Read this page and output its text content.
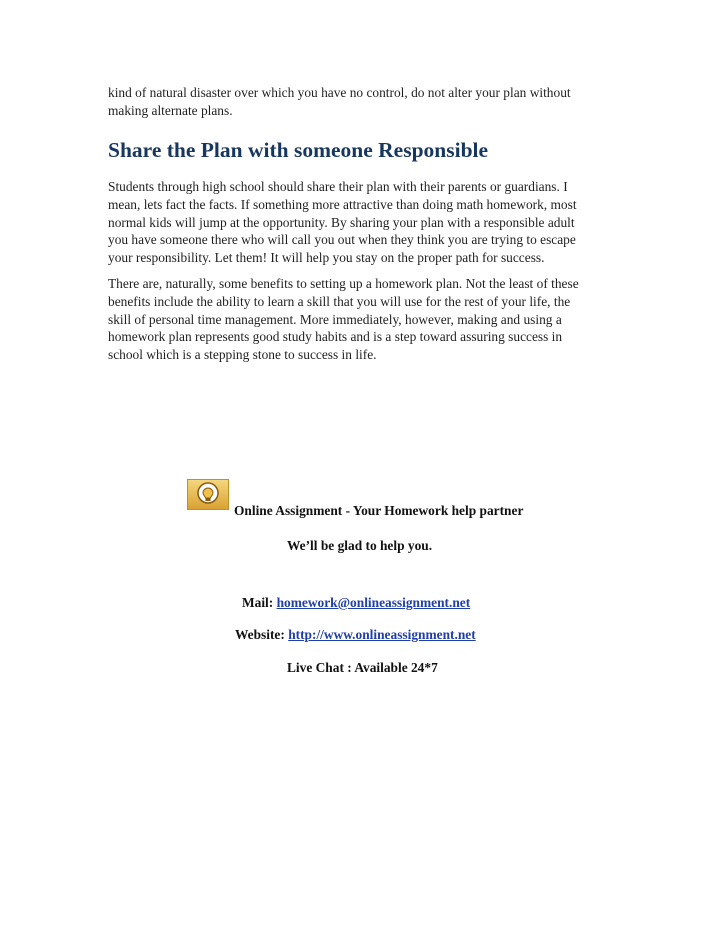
kind of natural disaster over which you have no control, do not alter your plan without
making alternate plans.
Share the Plan with someone Responsible
Students through high school should share their plan with their parents or guardians. I
mean, lets fact the facts. If something more attractive than doing math homework, most
normal kids will jump at the opportunity. By sharing your plan with a responsible adult
you have someone there who will call you out when they think you are trying to escape
your responsibility. Let them! It will help you stay on the proper path for success.
There are, naturally, some benefits to setting up a homework plan. Not the least of these
benefits include the ability to learn a skill that you will use for the rest of your life, the
skill of personal time management. More immediately, however, making and using a
homework plan represents good study habits and is a step toward assuring success in
school which is a stepping stone to success in life.
Online Assignment - Your Homework help partner
We’ll be glad to help you.
Mail: homework@onlineassignment.net
Website: http://www.onlineassignment.net
Live Chat : Available 24*7
